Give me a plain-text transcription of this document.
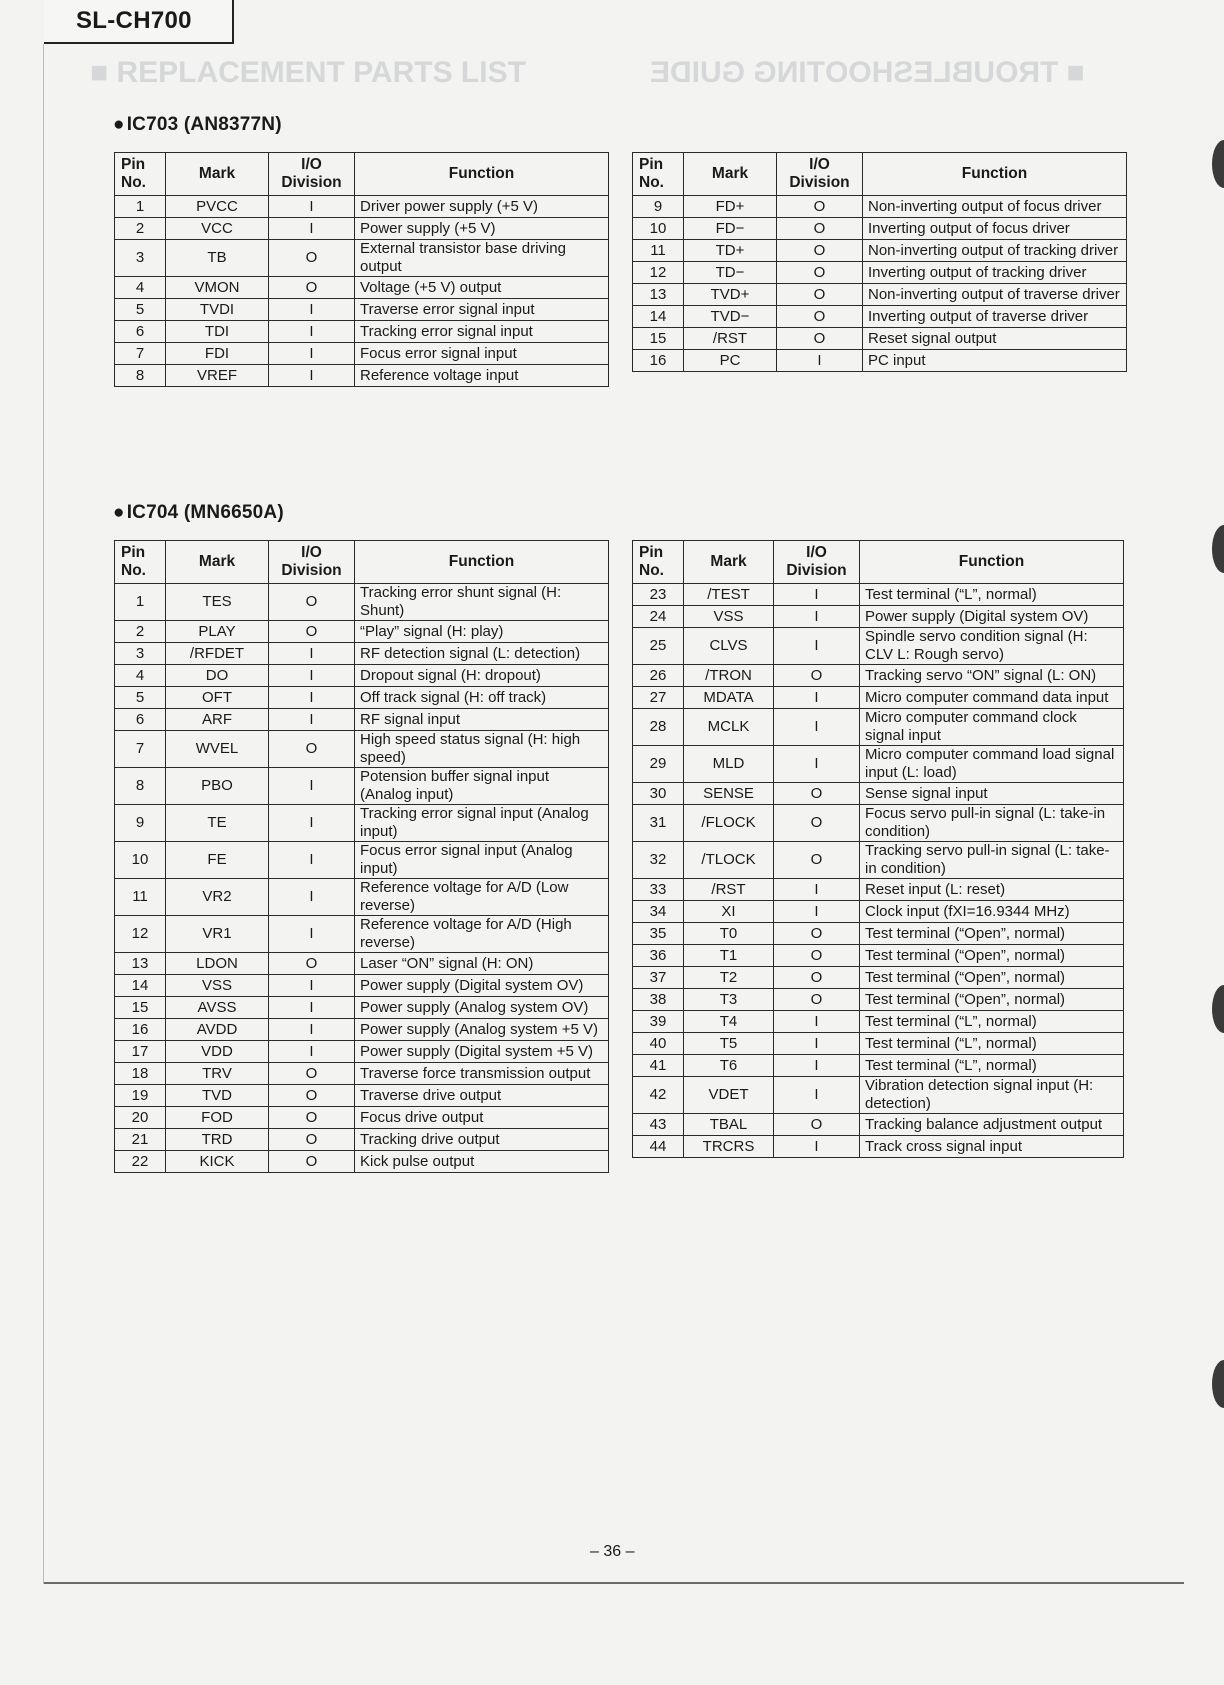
SL-CH700
■ REPLACEMENT PARTS LIST	■ TROUBLESHOOTING GUIDE
● IC703 (AN8377N)
Pin No.	Mark	I/O Division	Function
1	PVCC	I	Driver power supply (+5 V)
2	VCC	I	Power supply (+5 V)
3	TB	O	External transistor base driving output
4	VMON	O	Voltage (+5 V) output
5	TVDI	I	Traverse error signal input
6	TDI	I	Tracking error signal input
7	FDI	I	Focus error signal input
8	VREF	I	Reference voltage input
Pin No.	Mark	I/O Division	Function
9	FD+	O	Non-inverting output of focus driver
10	FD−	O	Inverting output of focus driver
11	TD+	O	Non-inverting output of tracking driver
12	TD−	O	Inverting output of tracking driver
13	TVD+	O	Non-inverting output of traverse driver
14	TVD−	O	Inverting output of traverse driver
15	/RST	O	Reset signal output
16	PC	I	PC input
● IC704 (MN6650A)
Pin No.	Mark	I/O Division	Function
1	TES	O	Tracking error shunt signal (H: Shunt)
2	PLAY	O	“Play” signal (H: play)
3	/RFDET	I	RF detection signal (L: detection)
4	DO	I	Dropout signal (H: dropout)
5	OFT	I	Off track signal (H: off track)
6	ARF	I	RF signal input
7	WVEL	O	High speed status signal (H: high speed)
8	PBO	I	Potension buffer signal input (Analog input)
9	TE	I	Tracking error signal input (Analog input)
10	FE	I	Focus error signal input (Analog input)
11	VR2	I	Reference voltage for A/D (Low reverse)
12	VR1	I	Reference voltage for A/D (High reverse)
13	LDON	O	Laser “ON” signal (H: ON)
14	VSS	I	Power supply (Digital system OV)
15	AVSS	I	Power supply (Analog system OV)
16	AVDD	I	Power supply (Analog system +5 V)
17	VDD	I	Power supply (Digital system +5 V)
18	TRV	O	Traverse force transmission output
19	TVD	O	Traverse drive output
20	FOD	O	Focus drive output
21	TRD	O	Tracking drive output
22	KICK	O	Kick pulse output
Pin No.	Mark	I/O Division	Function
23	/TEST	I	Test terminal (“L”, normal)
24	VSS	I	Power supply (Digital system OV)
25	CLVS	I	Spindle servo condition signal (H: CLV L: Rough servo)
26	/TRON	O	Tracking servo “ON” signal (L: ON)
27	MDATA	I	Micro computer command data input
28	MCLK	I	Micro computer command clock signal input
29	MLD	I	Micro computer command load signal input (L: load)
30	SENSE	O	Sense signal input
31	/FLOCK	O	Focus servo pull-in signal (L: take-in condition)
32	/TLOCK	O	Tracking servo pull-in signal (L: take-in condition)
33	/RST	I	Reset input (L: reset)
34	XI	I	Clock input (fXI=16.9344 MHz)
35	T0	O	Test terminal (“Open”, normal)
36	T1	O	Test terminal (“Open”, normal)
37	T2	O	Test terminal (“Open”, normal)
38	T3	O	Test terminal (“Open”, normal)
39	T4	I	Test terminal (“L”, normal)
40	T5	I	Test terminal (“L”, normal)
41	T6	I	Test terminal (“L”, normal)
42	VDET	I	Vibration detection signal input (H: detection)
43	TBAL	O	Tracking balance adjustment output
44	TRCRS	I	Track cross signal input
– 36 –
